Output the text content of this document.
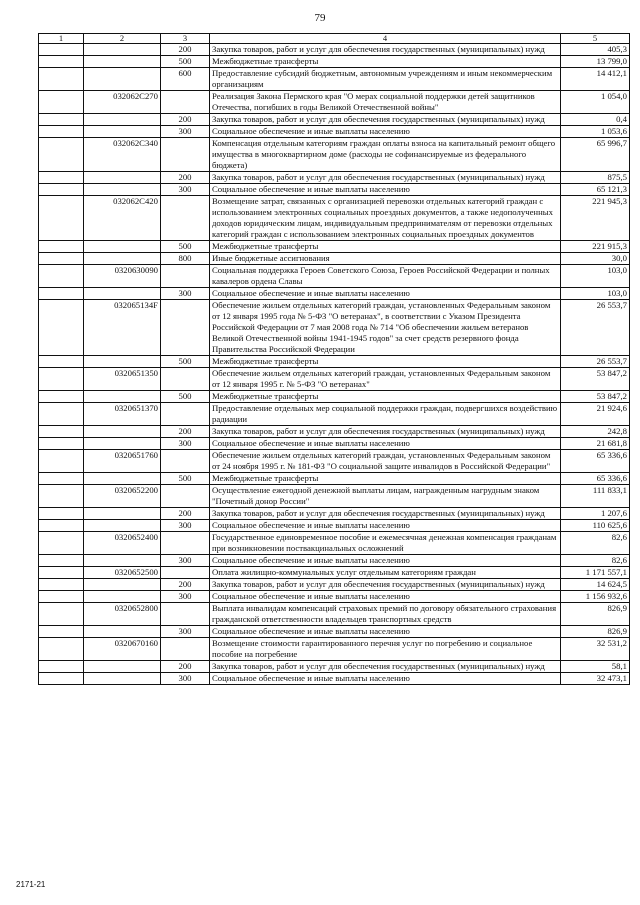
79
1	2	3	4	5
		200	Закупка товаров, работ и услуг для обеспечения государственных (муниципальных) нужд	405,3
		500	Межбюджетные трансферты	13 799,0
		600	Предоставление субсидий бюджетным, автономным учреждениям и иным некоммерческим организациям	14 412,1
	032062C270		Реализация Закона Пермского края "О мерах социальной поддержки детей защитников Отечества, погибших в годы Великой Отечественной войны"	1 054,0
		200	Закупка товаров, работ и услуг для обеспечения государственных (муниципальных) нужд	0,4
		300	Социальное обеспечение и иные выплаты населению	1 053,6
	032062C340		Компенсация отдельным категориям граждан оплаты взноса на капитальный ремонт общего имущества в многоквартирном доме (расходы не софинансируемые из федерального бюджета)	65 996,7
		200	Закупка товаров, работ и услуг для обеспечения государственных (муниципальных) нужд	875,5
		300	Социальное обеспечение и иные выплаты населению	65 121,3
	032062C420		Возмещение затрат, связанных с организацией перевозки отдельных категорий граждан с использованием электронных социальных проездных документов, а также недополученных доходов юридическим лицам, индивидуальным предпринимателям от перевозки отдельных категорий граждан с использованием электронных социальных проездных документов	221 945,3
		500	Межбюджетные трансферты	221 915,3
		800	Иные бюджетные ассигнования	30,0
	0320630090		Социальная поддержка Героев Советского Союза, Героев Российской Федерации и полных кавалеров ордена Славы	103,0
		300	Социальное обеспечение и иные выплаты населению	103,0
	032065134F		Обеспечение жильем отдельных категорий граждан, установленных Федеральным законом от 12 января 1995 года № 5-ФЗ "О ветеранах", в соответствии с Указом Президента Российской Федерации от 7 мая 2008 года № 714 "Об обеспечении жильем ветеранов Великой Отечественной войны 1941-1945 годов" за счет средств резервного фонда Правительства Российской Федерации	26 553,7
		500	Межбюджетные трансферты	26 553,7
	0320651350		Обеспечение жильем отдельных категорий граждан, установленных Федеральным законом от 12 января 1995 г. № 5-ФЗ "О ветеранах"	53 847,2
		500	Межбюджетные трансферты	53 847,2
	0320651370		Предоставление отдельных мер социальной поддержки граждан, подвергшихся воздействию радиации	21 924,6
		200	Закупка товаров, работ и услуг для обеспечения государственных (муниципальных) нужд	242,8
		300	Социальное обеспечение и иные выплаты населению	21 681,8
	0320651760		Обеспечение жильем отдельных категорий граждан, установленных Федеральным законом от 24 ноября 1995 г. № 181-ФЗ "О социальной защите инвалидов в Российской Федерации"	65 336,6
		500	Межбюджетные трансферты	65 336,6
	0320652200		Осуществление ежегодной денежной выплаты лицам, награжденным нагрудным знаком "Почетный донор России"	111 833,1
		200	Закупка товаров, работ и услуг для обеспечения государственных (муниципальных) нужд	1 207,6
		300	Социальное обеспечение и иные выплаты населению	110 625,6
	0320652400		Государственное единовременное пособие и ежемесячная денежная компенсация гражданам при возникновении поствакцинальных осложнений	82,6
		300	Социальное обеспечение и иные выплаты населению	82,6
	0320652500		Оплата жилищно-коммунальных услуг отдельным категориям граждан	1 171 557,1
		200	Закупка товаров, работ и услуг для обеспечения государственных (муниципальных) нужд	14 624,5
		300	Социальное обеспечение и иные выплаты населению	1 156 932,6
	0320652800		Выплата инвалидам компенсаций страховых премий по договору обязательного страхования гражданской ответственности владельцев транспортных средств	826,9
		300	Социальное обеспечение и иные выплаты населению	826,9
	0320670160		Возмещение стоимости гарантированного перечня услуг по погребению и социальное пособие на погребение	32 531,2
		200	Закупка товаров, работ и услуг для обеспечения государственных (муниципальных) нужд	58,1
		300	Социальное обеспечение и иные выплаты населению	32 473,1
2171-21
